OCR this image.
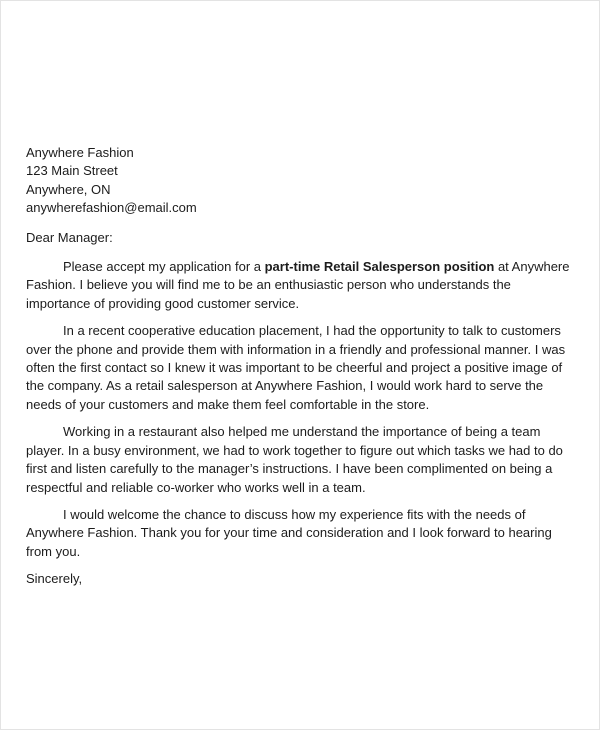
Anywhere Fashion
123 Main Street
Anywhere, ON
anywherefashion@email.com

Dear Manager:

Please accept my application for a part-time Retail Salesperson position at Anywhere Fashion. I believe you will find me to be an enthusiastic person who understands the importance of providing good customer service.

In a recent cooperative education placement, I had the opportunity to talk to customers over the phone and provide them with information in a friendly and professional manner. I was often the first contact so I knew it was important to be cheerful and project a positive image of the company. As a retail salesperson at Anywhere Fashion, I would work hard to serve the needs of your customers and make them feel comfortable in the store.

Working in a restaurant also helped me understand the importance of being a team player. In a busy environment, we had to work together to figure out which tasks we had to do first and listen carefully to the manager’s instructions. I have been complimented on being a respectful and reliable co-worker who works well in a team.

I would welcome the chance to discuss how my experience fits with the needs of Anywhere Fashion. Thank you for your time and consideration and I look forward to hearing from you.

Sincerely,
